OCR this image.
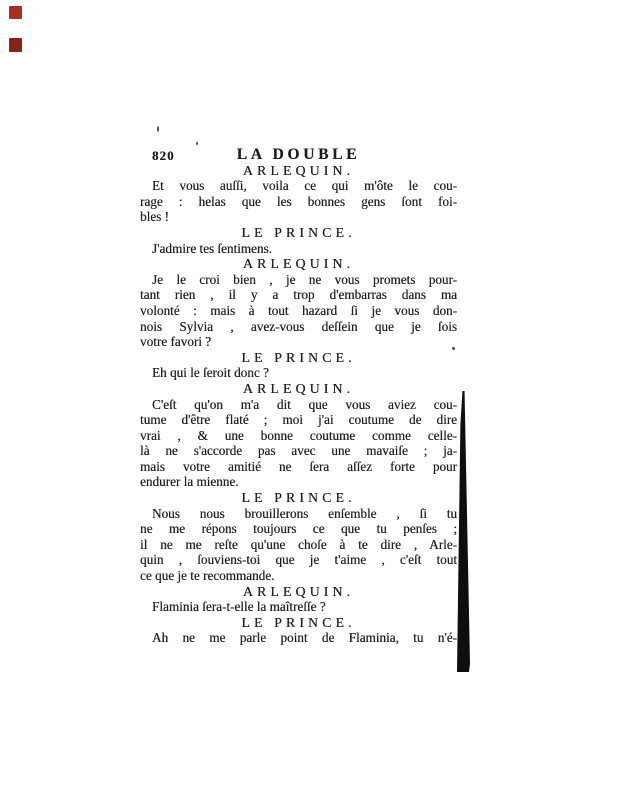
820	LA DOUBLE
ARLEQUIN.
Et vous auſſi, voila ce qui m'ôte le cou-
rage : helas que les bonnes gens ſont foi-
bles !
LE PRINCE.
J'admire tes ſentimens.
ARLEQUIN.
Je le croi bien , je ne vous promets pour-
tant rien , il y a trop d'embarras dans ma
volonté : mais à tout hazard ſi je vous don-
nois Sylvia , avez-vous deſſein que je ſois
votre favori ?
LE PRINCE.
Eh qui le ſeroit donc ?
ARLEQUIN.
C'eſt qu'on m'a dit que vous aviez cou-
tume d'être flaté ; moi j'ai coutume de dire
vrai , & une bonne coutume comme celle-
là ne s'accorde pas avec une mavaiſe ; ja-
mais votre amitié ne ſera aſſez forte pour
endurer la mienne.
LE PRINCE.
Nous nous brouillerons enſemble , ſi tu
ne me répons toujours ce que tu penſes ;
il ne me reſte qu'une choſe à te dire , Arle-
quin , ſouviens-toi que je t'aime , c'eſt tout
ce que je te recommande.
ARLEQUIN.
Flaminia ſera-t-elle la maîtreſſe ?
LE PRINCE.
Ah ne me parle point de Flaminia, tu n'é-
